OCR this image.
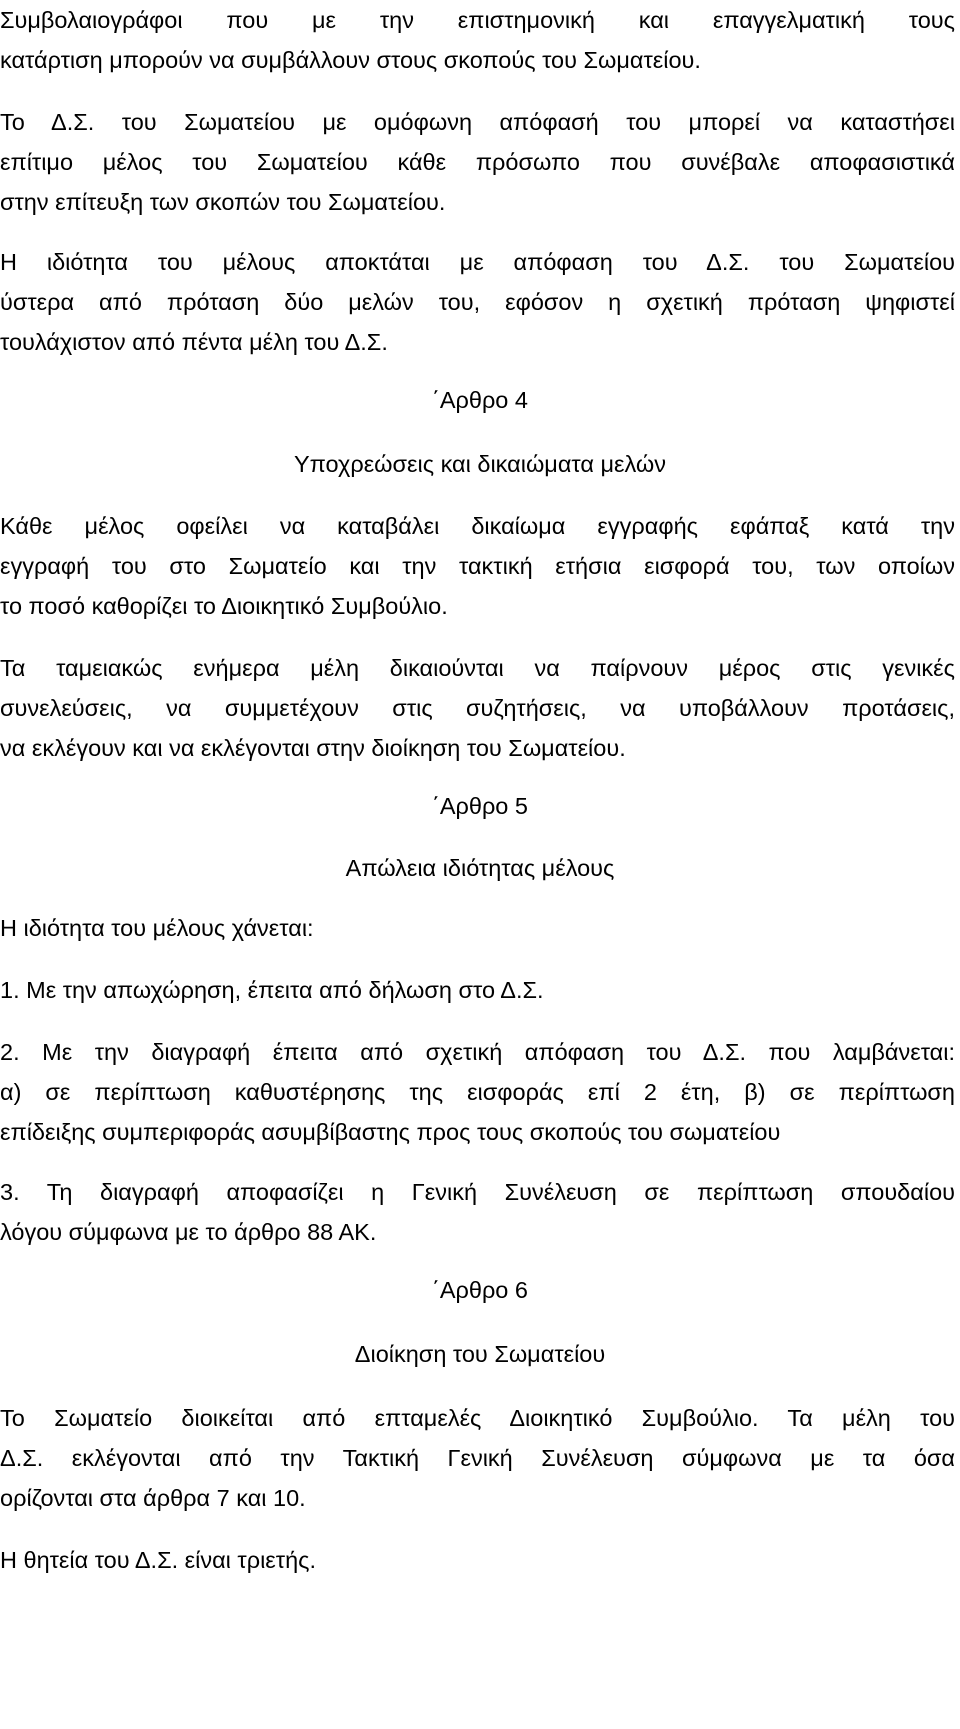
Συμβολαιογράφοι που με την επιστημονική και επαγγελματική τους
κατάρτιση μπορούν να συμβάλλουν στους σκοπούς του Σωματείου.
Το Δ.Σ. του Σωματείου με ομόφωνη απόφασή του μπορεί να καταστήσει
επίτιμο μέλος του Σωματείου κάθε πρόσωπο που συνέβαλε αποφασιστικά
στην επίτευξη των σκοπών του Σωματείου.
Η ιδιότητα του μέλους αποκτάται με απόφαση του Δ.Σ. του Σωματείου
ύστερα από πρόταση δύο μελών του, εφόσον η σχετική πρόταση ψηφιστεί
τουλάχιστον από πέντα μέλη του Δ.Σ.
΄Αρθρο 4
Υποχρεώσεις και δικαιώματα μελών
Κάθε μέλος οφείλει να καταβάλει δικαίωμα εγγραφής εφάπαξ κατά την
εγγραφή του στο Σωματείο και την τακτική ετήσια εισφορά του, των οποίων
το ποσό καθορίζει το Διοικητικό Συμβούλιο.
Τα ταμειακώς ενήμερα μέλη δικαιούνται να παίρνουν μέρος στις γενικές
συνελεύσεις, να συμμετέχουν στις συζητήσεις, να υποβάλλουν προτάσεις,
να εκλέγουν και να εκλέγονται στην διοίκηση του Σωματείου.
΄Αρθρο 5
Απώλεια ιδιότητας μέλους
Η ιδιότητα του μέλους χάνεται:
1. Με την απωχώρηση, έπειτα από δήλωση στο Δ.Σ.
2. Με την διαγραφή έπειτα από σχετική απόφαση του Δ.Σ. που λαμβάνεται:
α) σε περίπτωση καθυστέρησης της εισφοράς επί 2 έτη, β) σε περίπτωση
επίδειξης συμπεριφοράς ασυμβίβαστης προς τους σκοπούς του σωματείου
3. Τη διαγραφή αποφασίζει η Γενική Συνέλευση σε περίπτωση σπουδαίου
λόγου σύμφωνα με το άρθρο 88 ΑΚ.
΄Αρθρο 6
Διοίκηση του Σωματείου
Το Σωματείο διοικείται από επταμελές Διοικητικό Συμβούλιο. Τα μέλη του
Δ.Σ. εκλέγονται από την Τακτική Γενική Συνέλευση σύμφωνα με τα όσα
ορίζονται στα άρθρα 7 και 10.
Η θητεία του Δ.Σ. είναι τριετής.
